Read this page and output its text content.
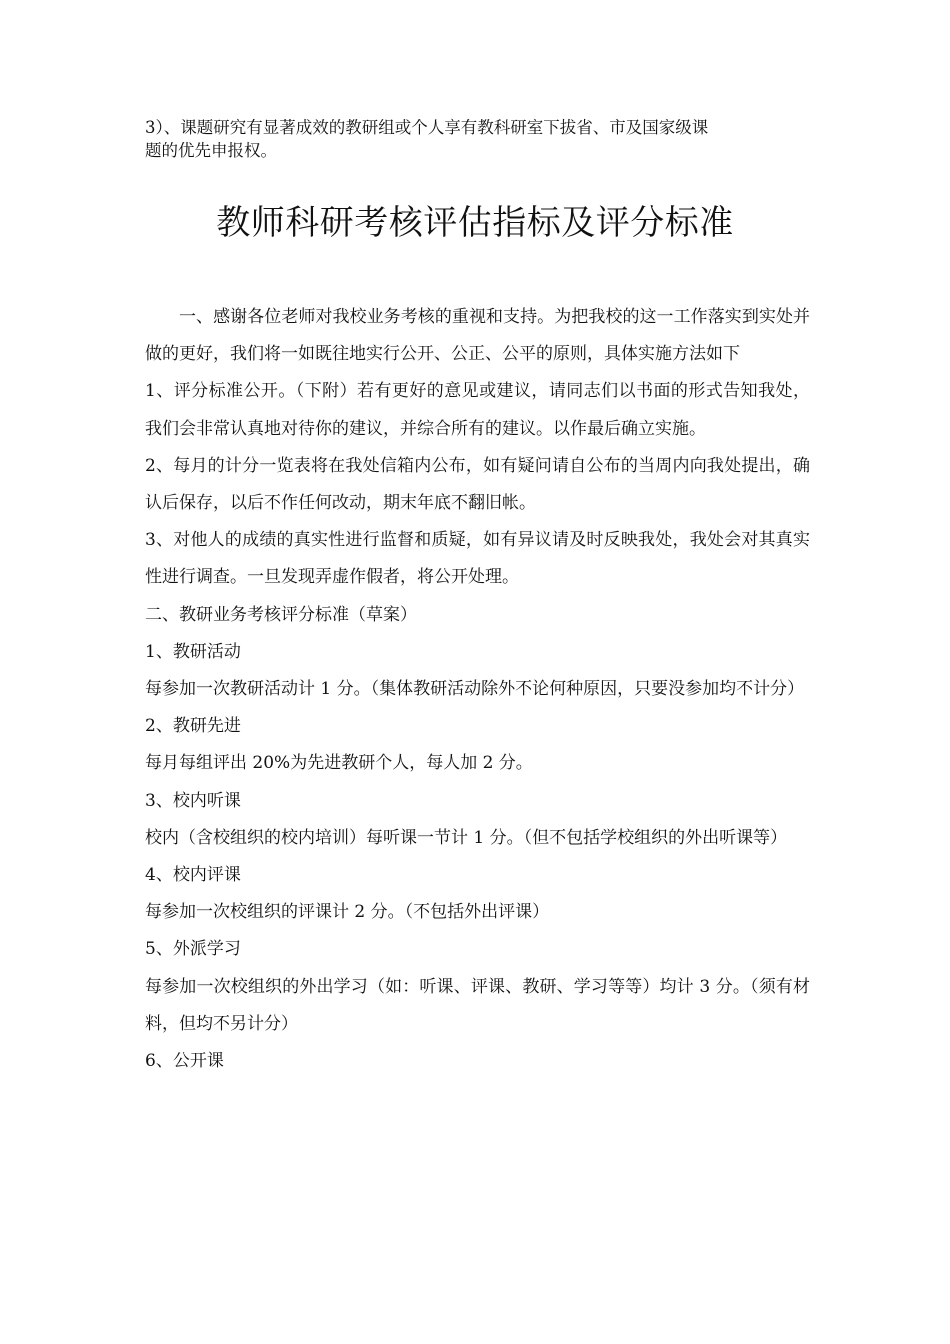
3）、课题研究有显著成效的教研组或个人享有教科研室下拔省、市及国家级课

题的优先申报权。

教师科研考核评估指标及评分标准

一、感谢各位老师对我校业务考核的重视和支持。为把我校的这一工作落实到实处并做的更好，我们将一如既往地实行公开、公正、公平的原则，具体实施方法如下

1、评分标准公开。（下附）若有更好的意见或建议，请同志们以书面的形式告知我处，我们会非常认真地对待你的建议，并综合所有的建议。以作最后确立实施。

2、每月的计分一览表将在我处信箱内公布，如有疑问请自公布的当周内向我处提出，确认后保存，以后不作任何改动，期末年底不翻旧帐。

3、对他人的成绩的真实性进行监督和质疑，如有异议请及时反映我处，我处会对其真实性进行调查。一旦发现弄虚作假者，将公开处理。

二、教研业务考核评分标准（草案）

1、教研活动

每参加一次教研活动计 1 分。（集体教研活动除外不论何种原因，只要没参加均不计分）

2、教研先进

每月每组评出 20%为先进教研个人，每人加 2 分。

3、校内听课

校内（含校组织的校内培训）每听课一节计 1 分。（但不包括学校组织的外出听课等）

4、校内评课

每参加一次校组织的评课计 2 分。（不包括外出评课）

5、外派学习

每参加一次校组织的外出学习（如：听课、评课、教研、学习等等）均计 3 分。（须有材料，但均不另计分）

6、公开课
